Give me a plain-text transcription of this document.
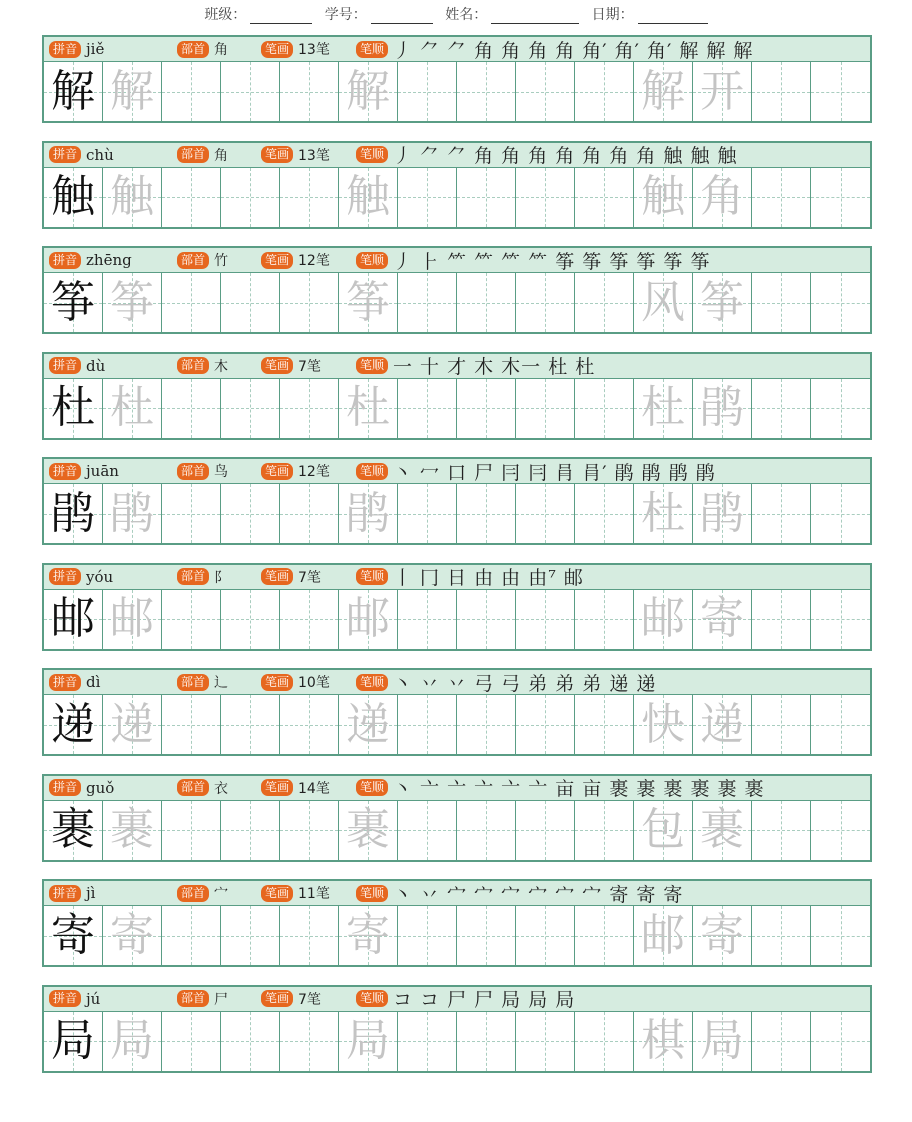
班级：	学号：	姓名：	日期：
拼音 jiě	部首 角	笔画 13笔	笔顺 丿 ⺈ ⺈ 角 角 角 角 角′ 角′ 角′ 解 解 解
解 解	解	解 开
拼音 chù	部首 角	笔画 13笔	笔顺 丿 ⺈ ⺈ 角 角 角 角 角 角 角 触 触 触
触 触	触	触 角
拼音 zhēng	部首 竹	笔画 12笔	笔顺 丿 ⺊ ⺮ ⺮ ⺮ ⺮ 筝 筝 筝 筝 筝 筝
筝 筝	筝	风 筝
拼音 dù	部首 木	笔画 7笔	笔顺 一 十 才 木 木一 杜 杜
杜 杜	杜	杜 鹃
拼音 juān	部首 鸟	笔画 12笔	笔顺 丶 冖 口 尸 冃 冃 肙 肙′ 鹃 鹃 鹃 鹃
鹃 鹃	鹃	杜 鹃
拼音 yóu	部首 阝	笔画 7笔	笔顺 丨 冂 日 由 由 由⁷ 邮
邮 邮	邮	邮 寄
拼音 dì	部首 辶	笔画 10笔	笔顺 丶 丷 丷 弓 弓 弟 弟 弟 递 递
递 递	递	快 递
拼音 guǒ	部首 衣	笔画 14笔	笔顺 丶 亠 亠 亠 亠 亠 亩 亩 裹 裹 裹 裹 裹 裹
裹 裹	裹	包 裹
拼音 jì	部首 宀	笔画 11笔	笔顺 丶 丷 宀 宀 宀 宀 宀 宀 寄 寄 寄
寄 寄	寄	邮 寄
拼音 jú	部首 尸	笔画 7笔	笔顺 コ コ 尸 尸 局 局 局
局 局	局	棋 局
